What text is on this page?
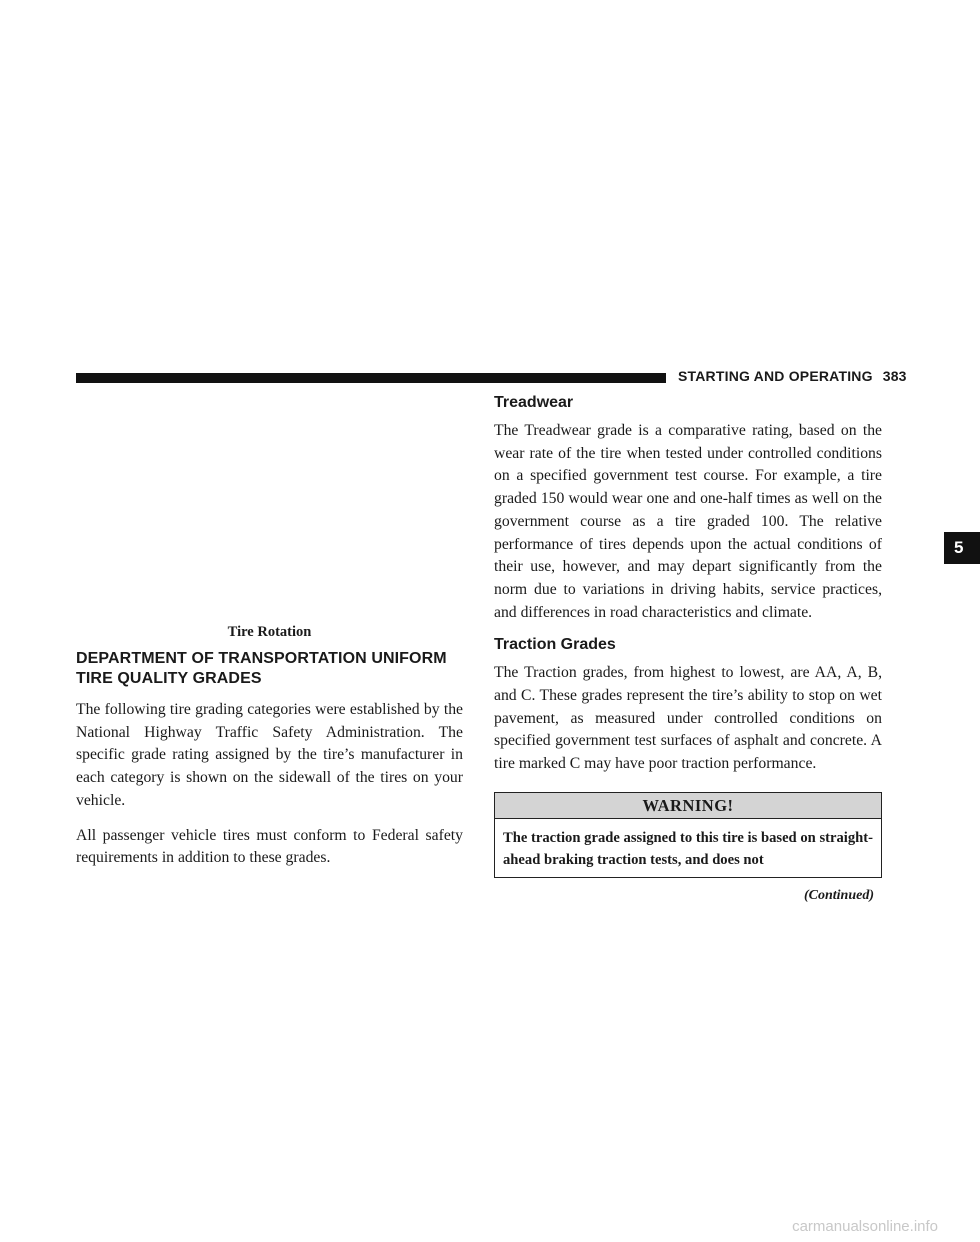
STARTING AND OPERATING 383
5
Tire Rotation
DEPARTMENT OF TRANSPORTATION UNIFORM TIRE QUALITY GRADES

The following tire grading categories were established by the National Highway Traffic Safety Administration. The specific grade rating assigned by the tire’s manufacturer in each category is shown on the sidewall of the tires on your vehicle.

All passenger vehicle tires must conform to Federal safety requirements in addition to these grades.

Treadwear

The Treadwear grade is a comparative rating, based on the wear rate of the tire when tested under controlled conditions on a specified government test course. For example, a tire graded 150 would wear one and one-half times as well on the government course as a tire graded 100. The relative performance of tires depends upon the actual conditions of their use, however, and may depart significantly from the norm due to variations in driving habits, service practices, and differences in road characteristics and climate.

Traction Grades

The Traction grades, from highest to lowest, are AA, A, B, and C. These grades represent the tire’s ability to stop on wet pavement, as measured under controlled conditions on specified government test surfaces of asphalt and concrete. A tire marked C may have poor traction performance.

WARNING!
The traction grade assigned to this tire is based on straight-ahead braking traction tests, and does not
(Continued)
carmanualsonline.info
